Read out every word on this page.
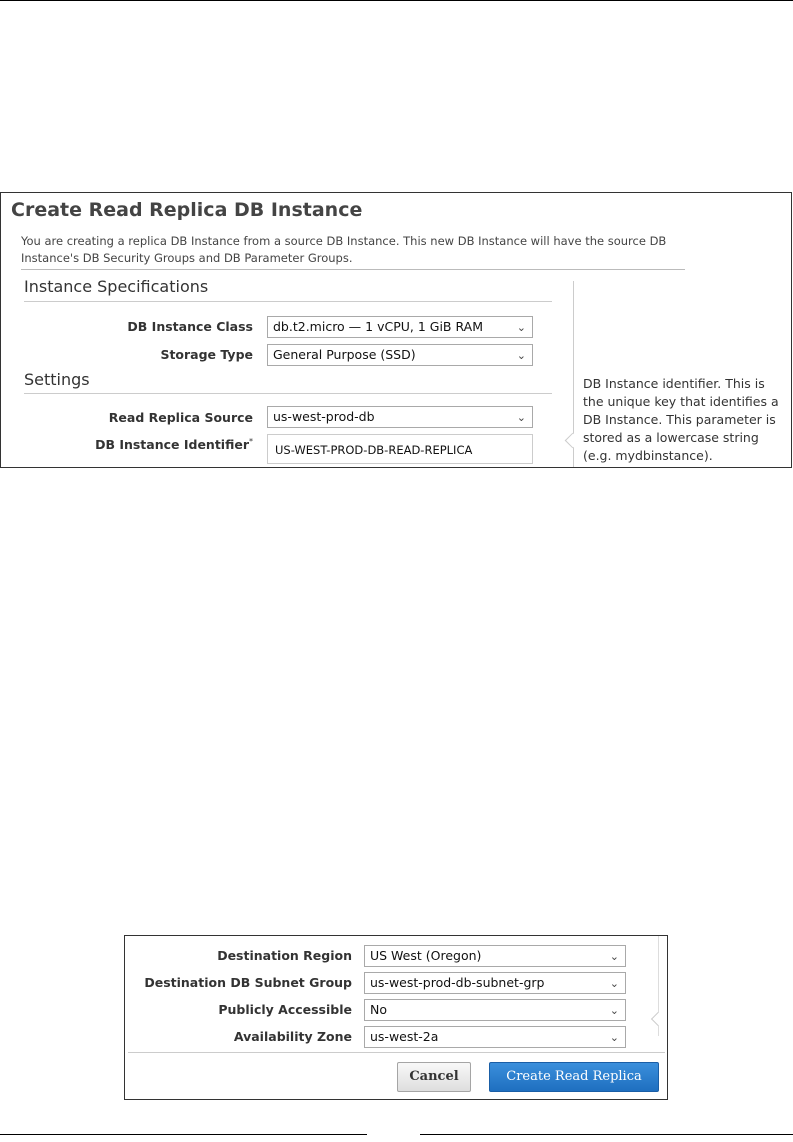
Create Read Replica DB Instance
You are creating a replica DB Instance from a source DB Instance. This new DB Instance will have the source DB Instance's DB Security Groups and DB Parameter Groups.
Instance Specifications
DB Instance Class	db.t2.micro — 1 vCPU, 1 GiB RAM	⌄
Storage Type	General Purpose (SSD)	⌄
Settings
Read Replica Source	us-west-prod-db	⌄
DB Instance Identifier*
US-WEST-PROD-DB-READ-REPLICA
DB Instance identifier. This is the unique key that identifies a DB Instance. This parameter is stored as a lowercase string (e.g. mydbinstance).
Destination Region	US West (Oregon)	⌄
Destination DB Subnet Group	us-west-prod-db-subnet-grp	⌄
Publicly Accessible	No	⌄
Availability Zone	us-west-2a	⌄
Cancel	Create Read Replica
